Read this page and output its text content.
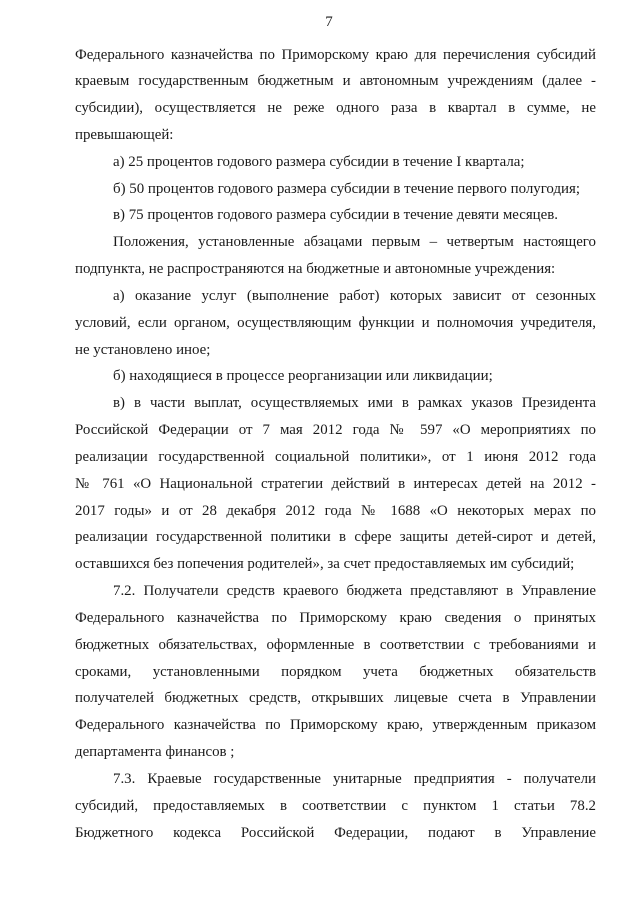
7
Федерального казначейства по Приморскому краю для перечисления субсидий
краевым государственным бюджетным и автономным учреждениям (далее -
субсидии), осуществляется не реже одного раза в квартал в сумме, не
превышающей:
а) 25 процентов годового размера субсидии в течение I квартала;
б) 50 процентов годового размера субсидии в течение первого полугодия;
в) 75 процентов годового размера субсидии в течение девяти месяцев.
Положения, установленные абзацами первым – четвертым настоящего
подпункта, не распространяются на бюджетные и автономные учреждения:
а) оказание услуг (выполнение работ) которых зависит от сезонных
условий, если органом, осуществляющим функции и полномочия учредителя,
не установлено иное;
б) находящиеся в процессе реорганизации или ликвидации;
в) в части выплат, осуществляемых ими в рамках указов Президента
Российской Федерации от 7 мая 2012 года № 597 «О мероприятиях по
реализации государственной социальной политики», от 1 июня 2012 года
№ 761 «О Национальной стратегии действий в интересах детей на 2012 -
2017 годы» и от 28 декабря 2012 года № 1688 «О некоторых мерах по
реализации государственной политики в сфере защиты детей-сирот и детей,
оставшихся без попечения родителей», за счет предоставляемых им субсидий;
7.2. Получатели средств краевого бюджета представляют в Управление
Федерального казначейства по Приморскому краю сведения о принятых
бюджетных обязательствах, оформленные в соответствии с требованиями и
сроками, установленными порядком учета бюджетных обязательств
получателей бюджетных средств, открывших лицевые счета в Управлении
Федерального казначейства по Приморскому краю, утвержденным приказом
департамента финансов ;
7.3. Краевые государственные унитарные предприятия - получатели
субсидий, предоставляемых в соответствии с пунктом 1 статьи 78.2
Бюджетного кодекса Российской Федерации, подают в Управление
